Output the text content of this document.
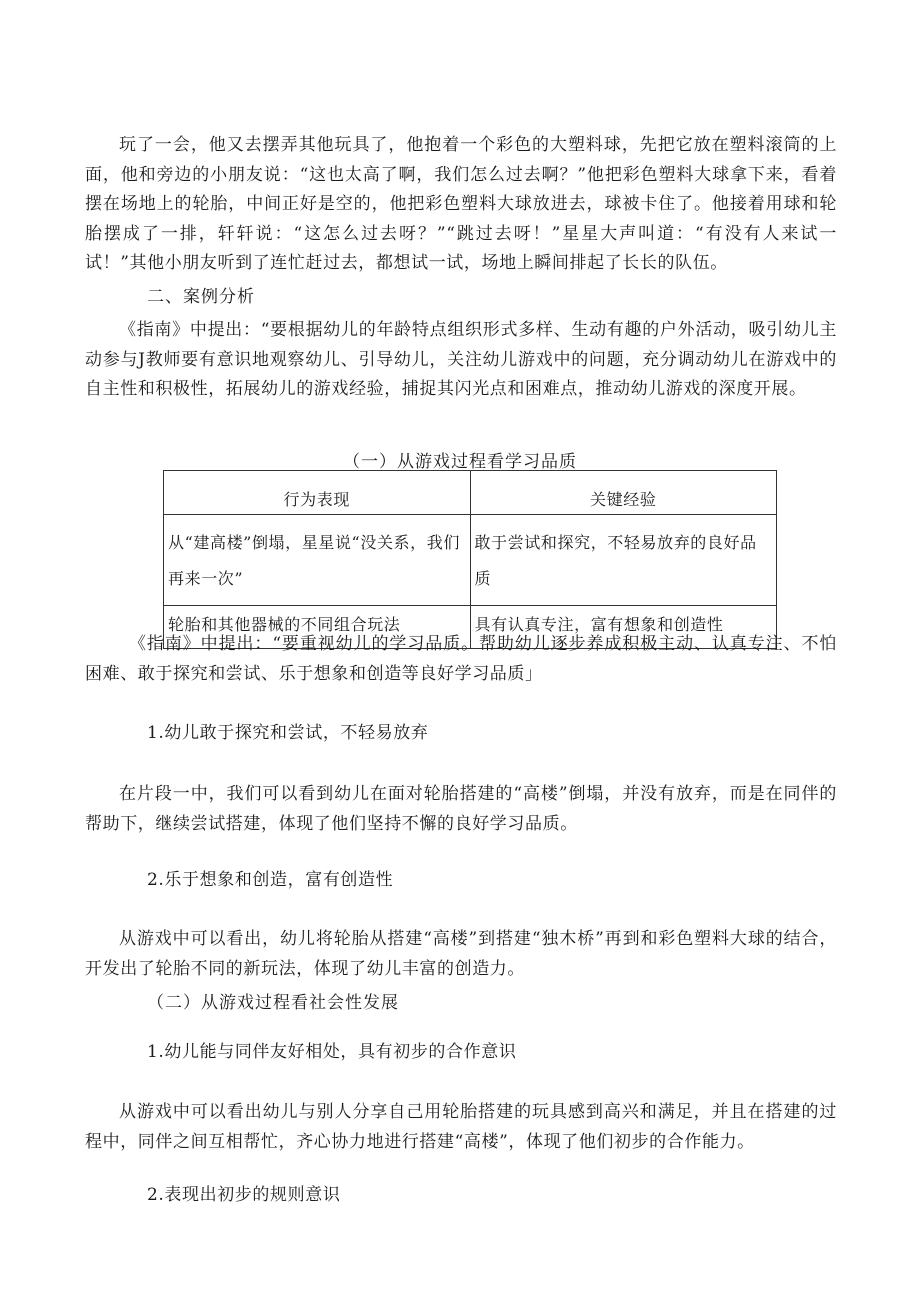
玩了一会，他又去摆弄其他玩具了，他抱着一个彩色的大塑料球，先把它放在塑料滚筒的上面，他和旁边的小朋友说：“这也太高了啊，我们怎么过去啊？”他把彩色塑料大球拿下来，看着摆在场地上的轮胎，中间正好是空的，他把彩色塑料大球放进去，球被卡住了。他接着用球和轮胎摆成了一排，轩轩说：“这怎么过去呀？”“跳过去呀！”星星大声叫道：“有没有人来试一试！”其他小朋友听到了连忙赶过去，都想试一试，场地上瞬间排起了长长的队伍。

二、案例分析

《指南》中提出：“要根据幼儿的年龄特点组织形式多样、生动有趣的户外活动，吸引幼儿主动参与J教师要有意识地观察幼儿、引导幼儿，关注幼儿游戏中的问题，充分调动幼儿在游戏中的自主性和积极性，拓展幼儿的游戏经验，捕捉其闪光点和困难点，推动幼儿游戏的深度开展。

（一）从游戏过程看学习品质

行为表现	关键经验
从“建高楼”倒塌，星星说“没关系，我们再来一次”	敢于尝试和探究，不轻易放弃的良好品质
轮胎和其他器械的不同组合玩法	具有认真专注，富有想象和创造性

《指南》中提出：“要重视幼儿的学习品质。帮助幼儿逐步养成积极主动、认真专注、不怕困难、敢于探究和尝试、乐于想象和创造等良好学习品质」

1.幼儿敢于探究和尝试，不轻易放弃

在片段一中，我们可以看到幼儿在面对轮胎搭建的“高楼”倒塌，并没有放弃，而是在同伴的帮助下，继续尝试搭建，体现了他们坚持不懈的良好学习品质。

2.乐于想象和创造，富有创造性

从游戏中可以看出，幼儿将轮胎从搭建“高楼”到搭建“独木桥”再到和彩色塑料大球的结合，开发出了轮胎不同的新玩法，体现了幼儿丰富的创造力。

（二）从游戏过程看社会性发展

1.幼儿能与同伴友好相处，具有初步的合作意识

从游戏中可以看出幼儿与别人分享自己用轮胎搭建的玩具感到高兴和满足，并且在搭建的过程中，同伴之间互相帮忙，齐心协力地进行搭建“高楼”，体现了他们初步的合作能力。

2.表现出初步的规则意识
